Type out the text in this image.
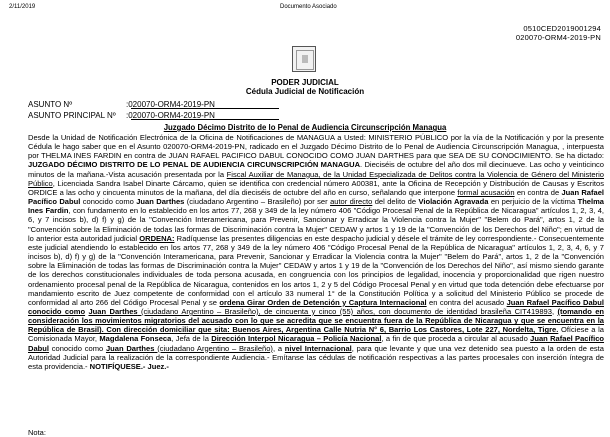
2/11/2019	Documento Asociado
0510CED2019001294
020070-ORM4-2019-PN
PODER JUDICIAL
Cédula Judicial de Notificación
ASUNTO Nº	:020070-ORM4-2019-PN
ASUNTO PRINCIPAL Nº :020070-ORM4-2019-PN
Juzgado Décimo Distrito de lo Penal de Audiencia Circunscripción Managua
Desde la Unidad de Notificación Electrónica de la Oficina de Notificaciones de MANAGUA a Usted: MINISTERIO PÚBLICO por la vía de la Notificación y por la presente Cédula le hago saber que en el Asunto 020070-ORM4-2019-PN, radicado en el Juzgado Décimo Distrito de lo Penal de Audiencia Circunscripción Managua, , interpuesta por THELMA INES FARDIN en contra de JUAN RAFAEL PACIFICO DABUL CONOCIDO COMO JUAN DARTHES para que SEA DE SU CONOCIMIENTO. Se ha dictado: JUZGADO DÉCIMO DISTRITO DE LO PENAL DE AUDIENCIA CIRCUNSCRIPCIÓN MANAGUA. Dieciséis de octubre del año dos mil diecinueve. Las ocho y veinticinco minutos de la mañana.-Vista acusación presentada por la Fiscal Auxiliar de Managua, de la Unidad Especializada de Delitos contra la Violencia de Género del Ministerio Público, Licenciada Sandra Isabel Dinarte Cárcamo, quien se identifica con credencial número A00381, ante la Oficina de Recepción y Distribución de Causas y Escritos ORDICE a las ocho y cincuenta minutos de la mañana, del día dieciséis de octubre del año en curso, señalando que interpone formal acusación en contra de Juan Rafael Pacífico Dabul conocido como Juan Darthes (ciudadano Argentino – Brasileño) por ser autor directo del delito de Violación Agravada en perjuicio de la víctima Thelma Ines Fardin, con fundamento en lo establecido en los artos 77, 268 y 349 de la ley número 406 "Código Procesal Penal de la República de Nicaragua" artículos 1, 2, 3, 4, 6, y 7 incisos b), d) f) y g) de la "Convención Interamericana, para Prevenir, Sancionar y Erradicar la Violencia contra la Mujer" "Belem do Pará", artos 1, 2 de la "Convención sobre la Eliminación de todas las formas de Discriminación contra la Mujer" CEDAW y artos 1 y 19 de la "Convención de los Derechos del Niño"; en virtud de lo anterior esta autoridad judicial ORDENA: Radíquense las presentes diligencias en este despacho judicial y désele el trámite de ley correspondiente.- Consecuentemente este judicial atendiendo lo establecido en los artos 77, 268 y 349 de la ley número 406 "Código Procesal Penal de la República de Nicaragua" artículos 1, 2, 3, 4, 6, y 7 incisos b), d) f) y g) de la "Convención Interamericana, para Prevenir, Sancionar y Erradicar la Violencia contra la Mujer" "Belem do Pará", artos 1, 2 de la "Convención sobre la Eliminación de todas las formas de Discriminación contra la Mujer" CEDAW y artos 1 y 19 de la "Convención de los Derechos del Niño", así mismo siendo garante de los derechos constitucionales individuales de toda persona acusada, en congruencia con los principios de legalidad, inocencia y proporcionalidad que rigen nuestro ordenamiento procesal penal de la República de Nicaragua, contenidos en los artos 1, 2 y 5 del Código Procesal Penal y en virtud que toda detención debe efectuarse por mandamiento escrito de Juez competente de conformidad con el artículo 33 numeral 1° de la Constitución Política y a solicitud del Ministerio Público se procede de conformidad al arto 266 del Código Procesal Penal y se ordena Girar Orden de Detención y Captura Internacional en contra del acusado Juan Rafael Pacífico Dabul conocido como Juan Darthes (ciudadano Argentino – Brasileño), de cincuenta y cinco (55) años, con documento de identidad brasileña CIT419893, (tomando en consideración los movimientos migratorios del acusado con lo que se acredita que se encuentra fuera de la República de Nicaragua y que se encuentra en la República de Brasil). Con dirección domiciliar que sita: Buenos Aires, Argentina Calle Nutria N° 6, Barrio Los Castores, Lote 227, Nordelta, Tigre. Ofíciese a la Comisionada Mayor, Magdalena Fonseca, Jefa de la Dirección Interpol Nicaragua – Policía Nacional, a fin de que proceda a circular al acusado Juan Rafael Pacífico Dabul conocido como Juan Darthes (ciudadano Argentino – Brasileño), a nivel Internacional, para que levante y que una vez detenido sea puesto a la orden de esta Autoridad Judicial para la realización de la correspondiente Audiencia.- Emítanse las cédulas de notificación respectivas a las partes procesales con inserción íntegra de esta providencia.- NOTIFÍQUESE.- Juez.-
Nota:
